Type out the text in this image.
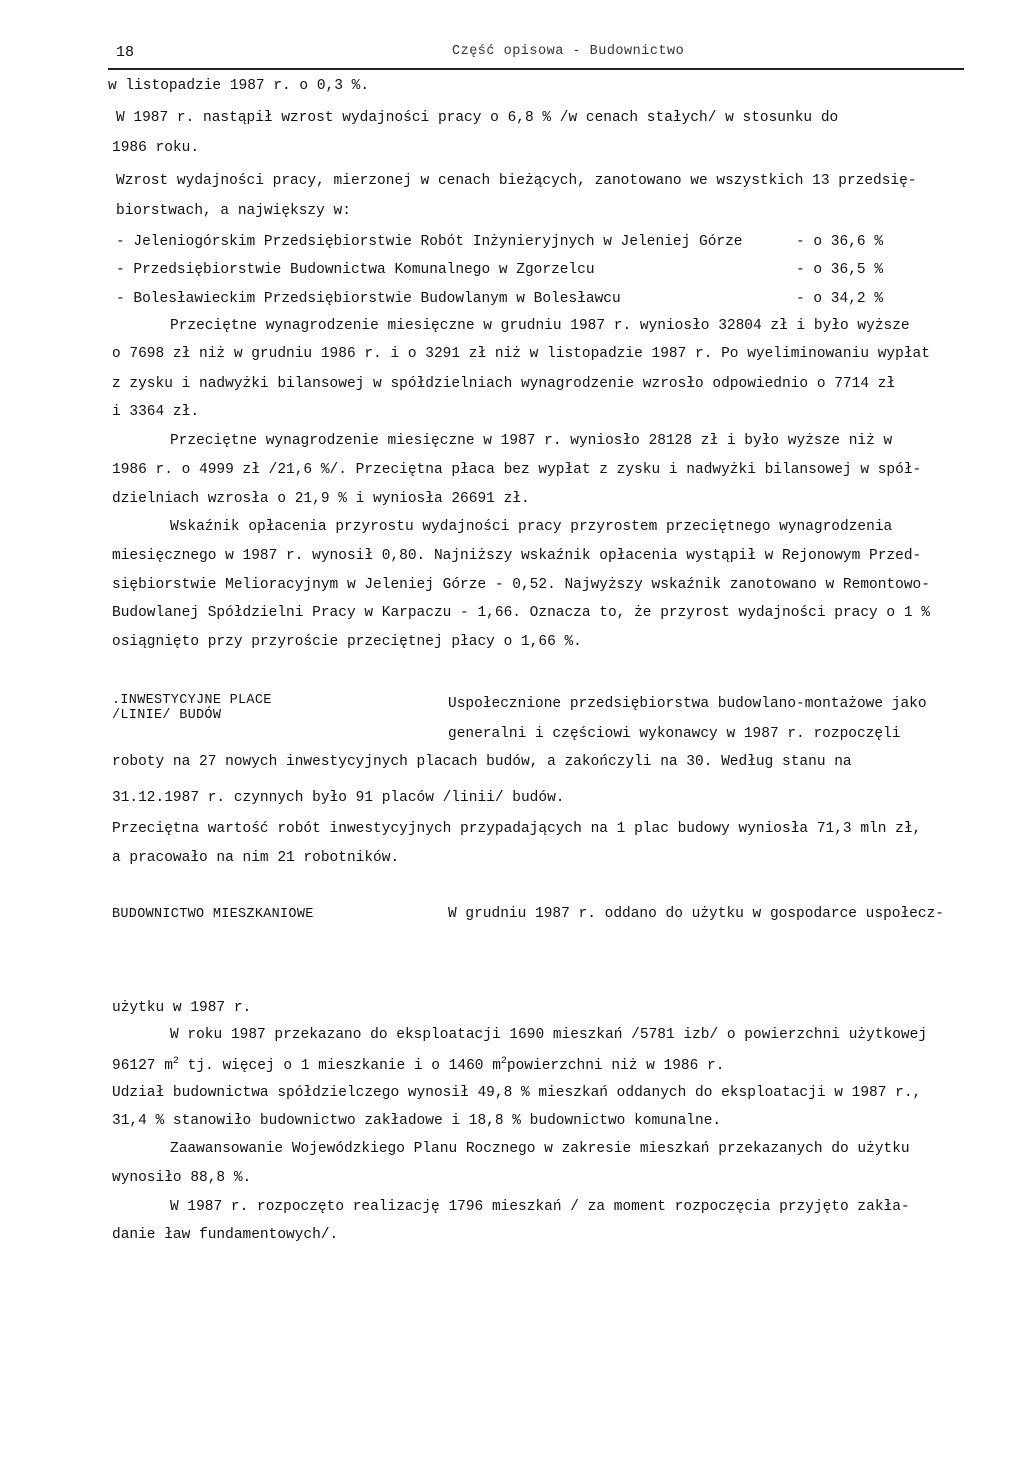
18	Część opisowa - Budownictwo
w listopadzie 1987 r. o 0,3 %.
W 1987 r. nastąpił wzrost wydajności pracy o 6,8 % /w cenach stałych/ w stosunku do
1986 roku.
Wzrost wydajności pracy, mierzonej w cenach bieżących, zanotowano we wszystkich 13 przedsię-
biorstwach, a największy w:
- Jeleniogórskim Przedsiębiorstwie Robót Inżynieryjnych w Jeleniej Górze	- o 36,6 %
- Przedsiębiorstwie Budownictwa Komunalnego w Zgorzelcu	- o 36,5 %
- Bolesławieckim Przedsiębiorstwie Budowlanym w Bolesławcu	- o 34,2 %
Przeciętne wynagrodzenie miesięczne w grudniu 1987 r. wyniosło 32804 zł i było wyższe
o 7698 zł niż w grudniu 1986 r. i o 3291 zł niż w listopadzie 1987 r. Po wyeliminowaniu wypłat
z zysku i nadwyżki bilansowej w spółdzielniach wynagrodzenie wzrosło odpowiednio o 7714 zł
i 3364 zł.
Przeciętne wynagrodzenie miesięczne w 1987 r. wyniosło 28128 zł i było wyższe niż w
1986 r. o 4999 zł /21,6 %/. Przeciętna płaca bez wypłat z zysku i nadwyżki bilansowej w spół-
dzielniach wzrosła o 21,9 % i wyniosła 26691 zł.
Wskaźnik opłacenia przyrostu wydajności pracy przyrostem przeciętnego wynagrodzenia
miesięcznego w 1987 r. wynosił 0,80. Najniższy wskaźnik opłacenia wystąpił w Rejonowym Przed-
siębiorstwie Melioracyjnym w Jeleniej Górze - 0,52. Najwyższy wskaźnik zanotowano w Remontowo-
Budowlanej Spółdzielni Pracy w Karpaczu - 1,66. Oznacza to, że przyrost wydajności pracy o 1 %
osiągnięto przy przyroście przeciętnej płacy o 1,66 %.
.INWESTYCYJNE PLACE
/LINIE/ BUDÓW
Uspołecznione przedsiębiorstwa budowlano-montażowe jako
generalni i częściowi wykonawcy w 1987 r. rozpoczęli
roboty na 27 nowych inwestycyjnych placach budów, a zakończyli na 30. Według stanu na
31.12.1987 r. czynnych było 91 placów /linii/ budów.
Przeciętna wartość robót inwestycyjnych przypadających na 1 plac budowy wyniosła 71,3 mln zł,
a pracowało na nim 21 robotników.
BUDOWNICTWO MIESZKANIOWE	W grudniu 1987 r. oddano do użytku w gospodarce uspołecz-
użytku w 1987 r.
W roku 1987 przekazano do eksploatacji 1690 mieszkań /5781 izb/ o powierzchni użytkowej
96127 $m^2$ tj. więcej o 1 mieszkanie i o 1460 $m^2powierzchni$ niż w 1986 r.
Udział budownictwa spółdzielczego wynosił 49,8 % mieszkań oddanych do eksploatacji w 1987 r.,
31,4 % stanowiło budownictwo zakładowe i 18,8 % budownictwo komunalne.
Zaawansowanie Wojewódzkiego Planu Rocznego w zakresie mieszkań przekazanych do użytku
wynosiło 88,8 %.
W 1987 r. rozpoczęto realizację 1796 mieszkań / za moment rozpoczęcia przyjęto zakła-
danie ław fundamentowych/.
